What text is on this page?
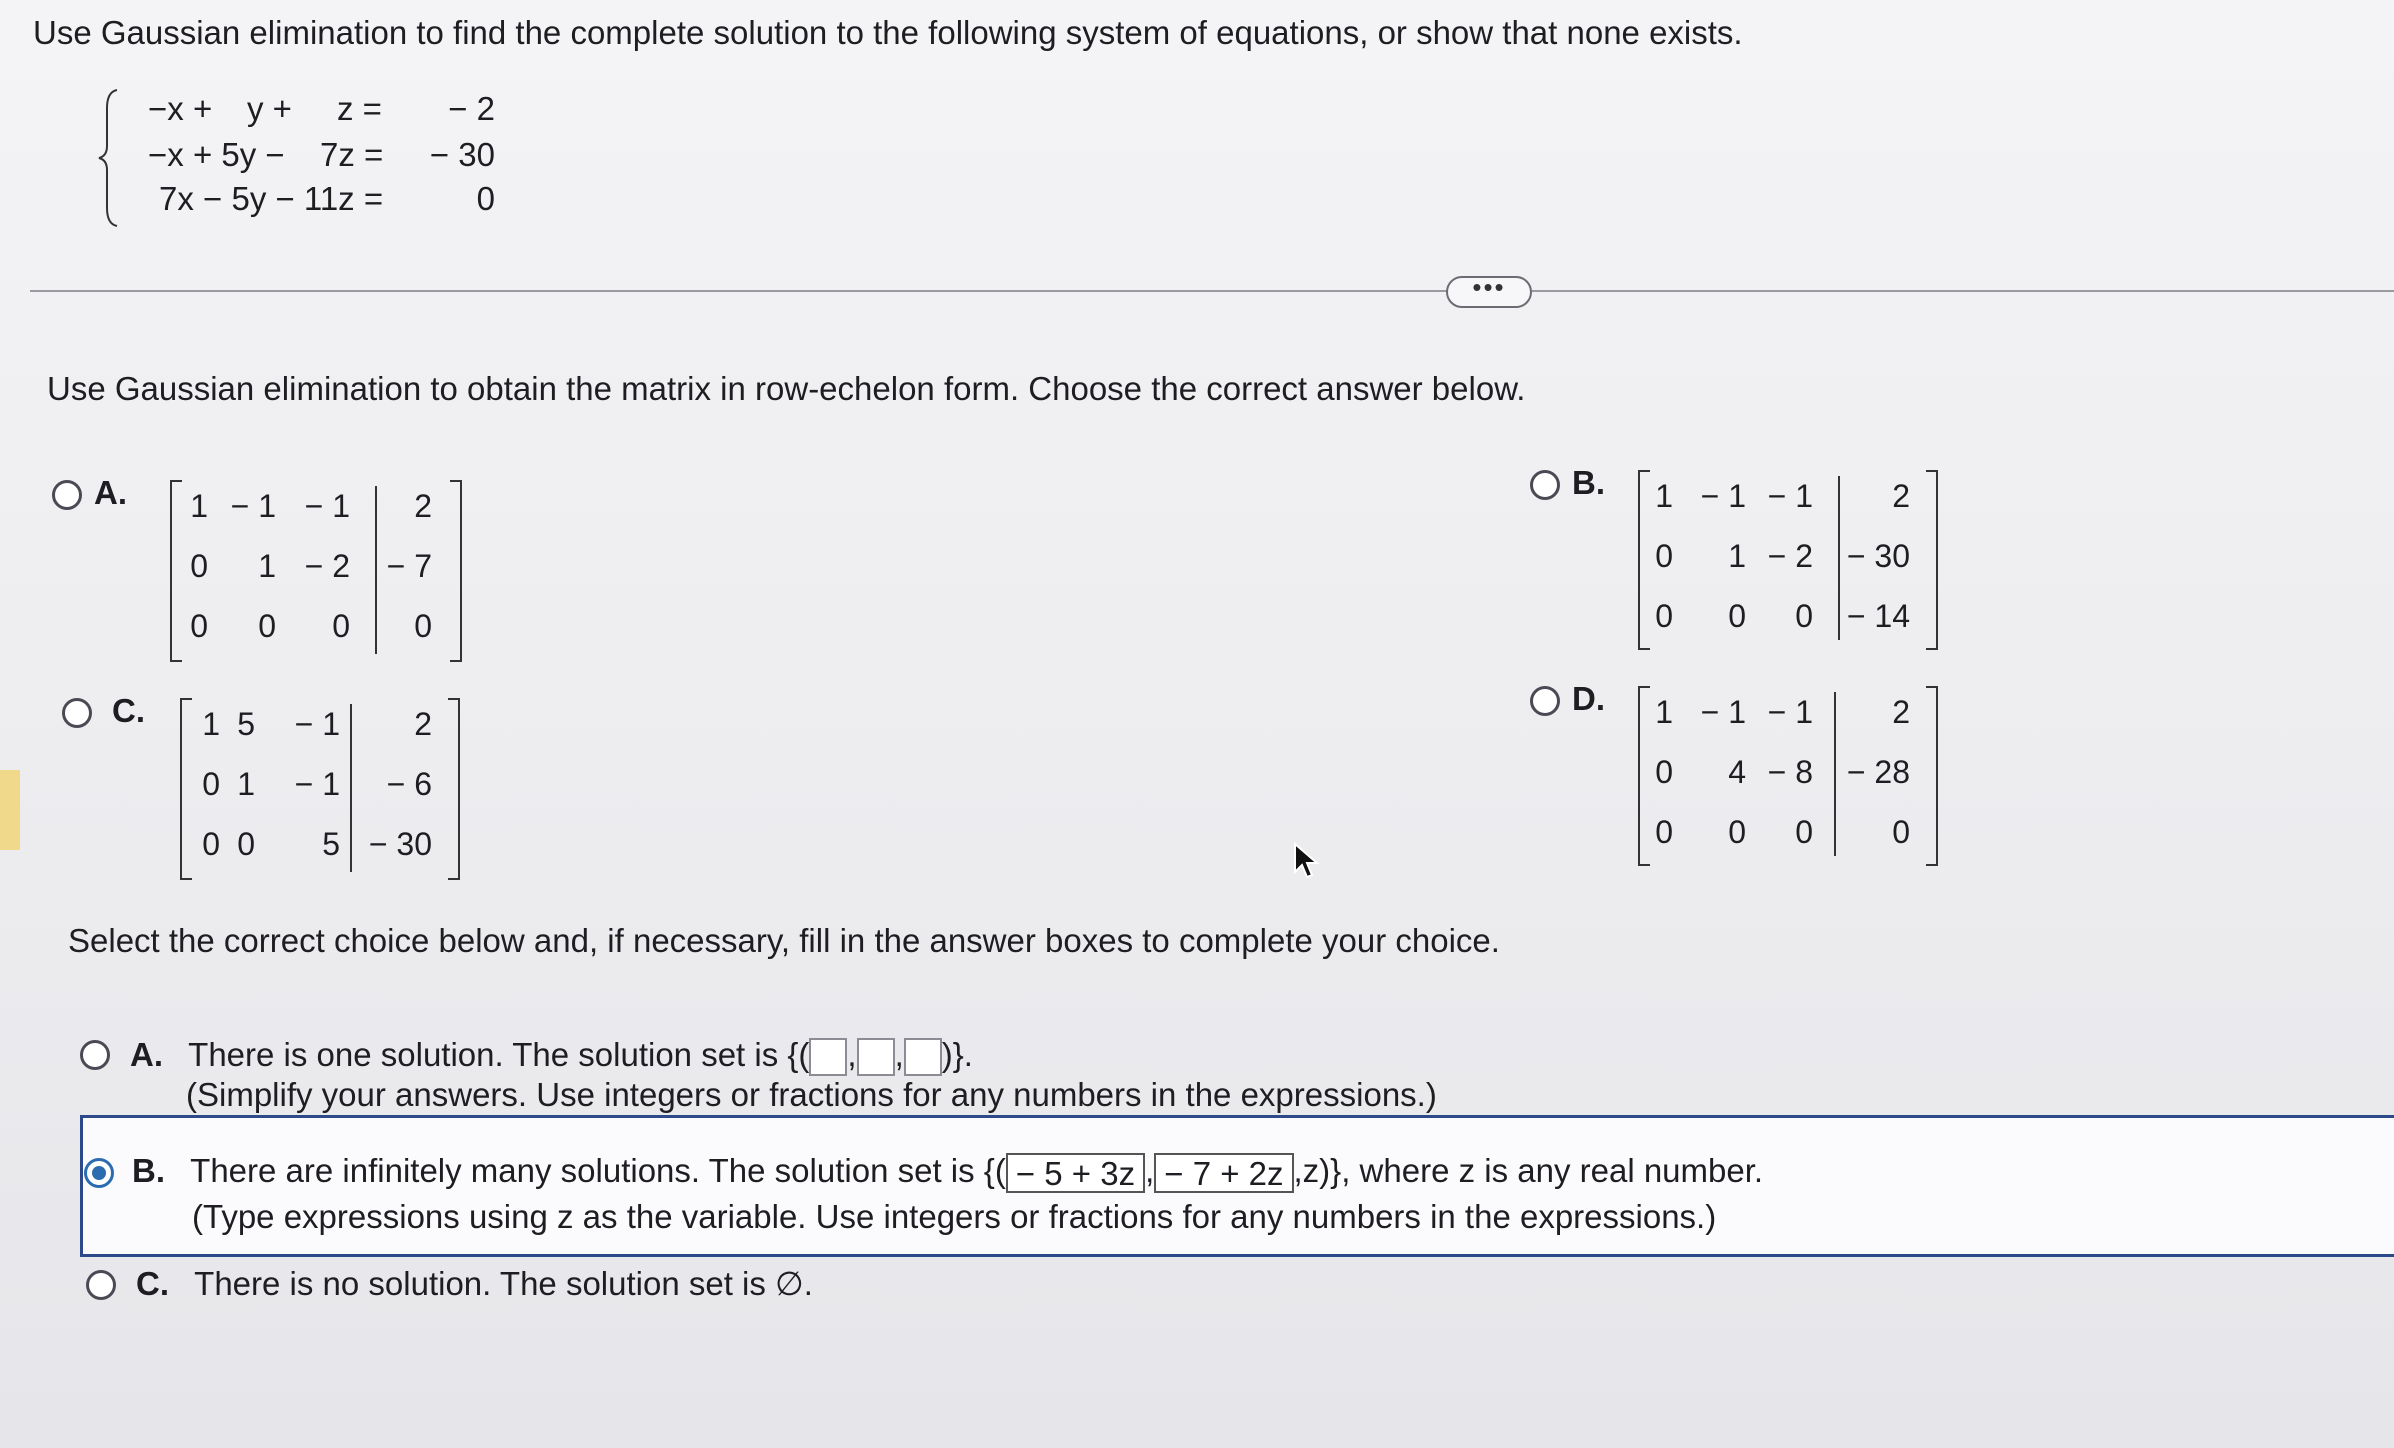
Use Gaussian elimination to find the complete solution to the following system of equations, or show that none exists.
−x + y + z =	− 2
−x + 5y − 7z = − 30
7x − 5y − 11z =	0
•••
Use Gaussian elimination to obtain the matrix in row-echelon form. Choose the correct answer below.
A. 1 − 1 − 1 2
0 1 − 2 − 7
0 0 0 0
B. 1 − 1 − 1 2
0 1 − 2 − 30
0 0 0 − 14
C. 1 5 − 1 2
0 1 − 1 − 6
0 0 5 − 30
D. 1 − 1 − 1 2
0 4 − 8 − 28
0 0 0 0
Select the correct choice below and, if necessary, fill in the answer boxes to complete your choice.
A. There is one solution. The solution set is {( , , )}.
(Simplify your answers. Use integers or fractions for any numbers in the expressions.)
B. There are infinitely many solutions. The solution set is {( − 5 + 3z , − 7 + 2z ,z)}, where z is any real number.
(Type expressions using z as the variable. Use integers or fractions for any numbers in the expressions.)
C. There is no solution. The solution set is ∅.
